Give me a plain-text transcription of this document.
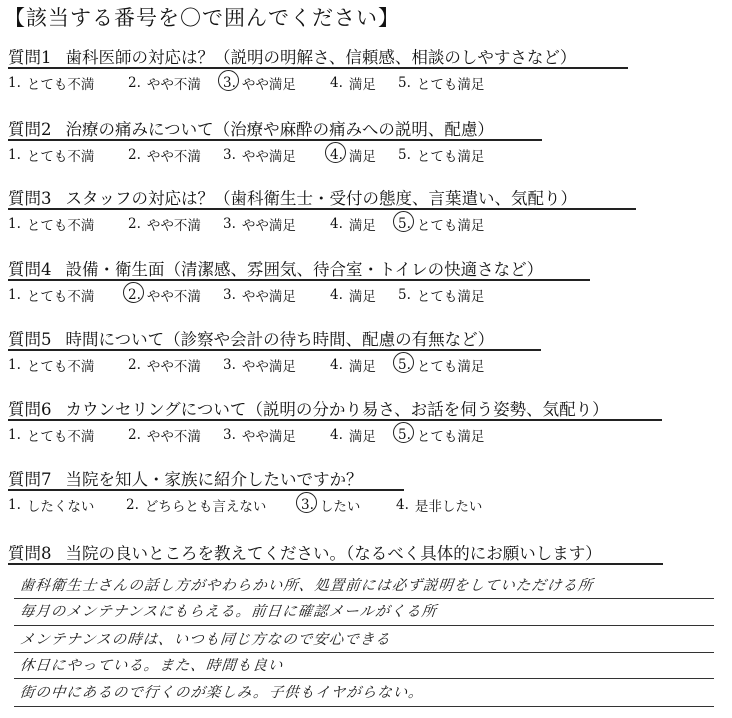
【該当する番号を〇で囲んでください】
質問1 歯科医師の対応は？（説明の明解さ、信頼感、相談のしやすさなど）
1. とても不満 2. やや不満 3. やや満足	4. 満足 5. とても満足
質問2 治療の痛みについて（治療や麻酔の痛みへの説明、配慮）
1. とても不満 2. やや不満 3. やや満足	4. 満足 5. とても満足
質問3 スタッフの対応は？（歯科衛生士・受付の態度、言葉遣い、気配り）
1. とても不満 2. やや不満 3. やや満足	4. 満足 5. とても満足
質問4 設備・衛生面（清潔感、雰囲気、待合室・トイレの快適さなど）
1. とても不満 2. やや不満 3. やや満足	4. 満足 5. とても満足
質問5 時間について（診察や会計の待ち時間、配慮の有無など）
1. とても不満 2. やや不満 3. やや満足	4. 満足 5. とても満足
質問6 カウンセリングについて（説明の分かり易さ、お話を伺う姿勢、気配り）
1. とても不満 2. やや不満 3. やや満足	4. 満足 5. とても満足
質問7 当院を知人・家族に紹介したいですか？
1. したくない 2. どちらとも言えない	3. したい	4. 是非したい
質問8 当院の良いところを教えてください。（なるべく具体的にお願いします）
歯科衛生士さんの話し方がやわらかい所、処置前には必ず説明をしていただける所
毎月のメンテナンスにもらえる。前日に確認メールがくる所
メンテナンスの時は、いつも同じ方なので安心できる
休日にやっている。また、時間も良い
街の中にあるので行くのが楽しみ。子供もイヤがらない。
